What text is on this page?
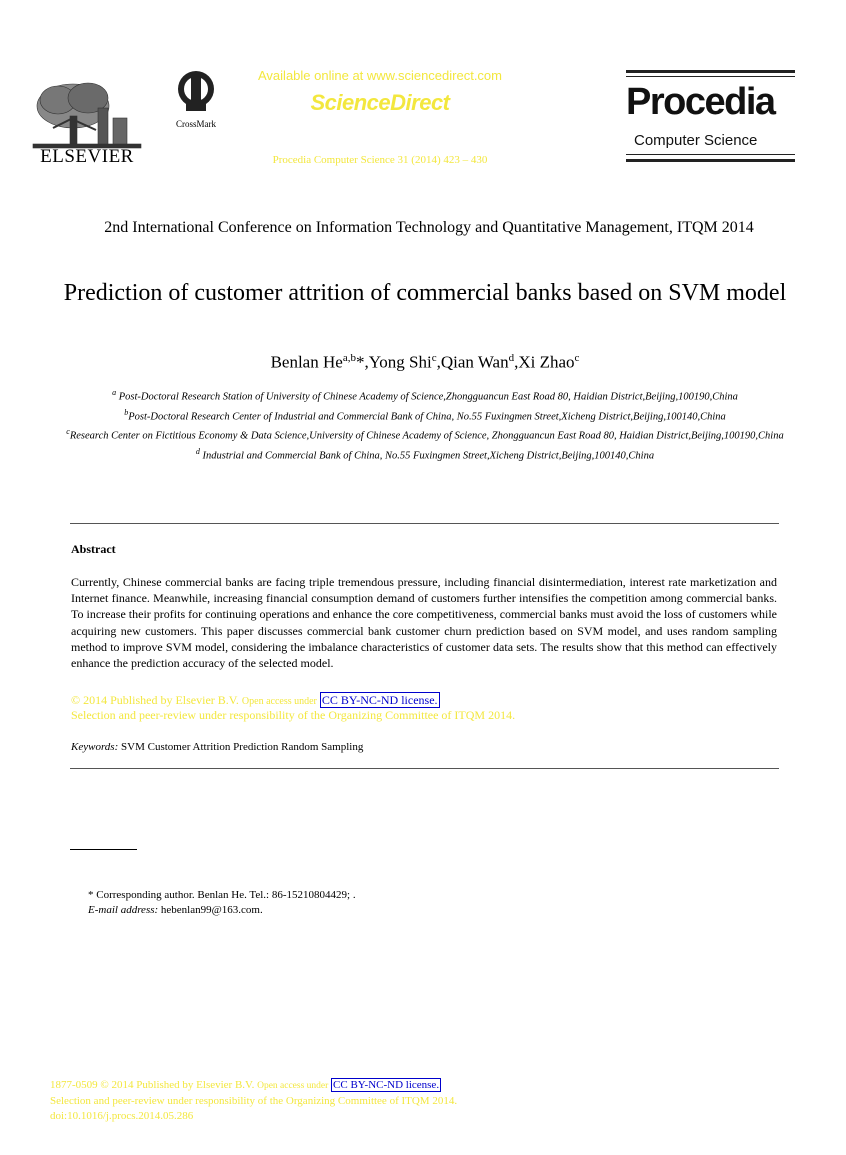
ELSEVIER
CrossMark
Available online at www.sciencedirect.com
ScienceDirect
Procedia Computer Science 31 (2014) 423 – 430
Procedia
Computer Science
2nd International Conference on Information Technology and Quantitative Management, ITQM 2014
Prediction of customer attrition of commercial banks based on SVM model
Benlan He$^{a,b}$*,Yong Shi$^c$,Qian Wan$^d$,Xi Zhao$^c$
$^a$ Post-Doctoral Research Station of University of Chinese Academy of Science,Zhongguancun East Road 80, Haidian District,Beijing,100190,China
$^b$Post-Doctoral Research Center of Industrial and Commercial Bank of China, No.55 Fuxingmen Street,Xicheng District,Beijing,100140,China
$^c$Research Center on Fictitious Economy & Data Science,University of Chinese Academy of Science, Zhongguancun East Road 80, Haidian District,Beijing,100190,China
$^d$ Industrial and Commercial Bank of China, No.55 Fuxingmen Street,Xicheng District,Beijing,100140,China
Abstract
Currently, Chinese commercial banks are facing triple tremendous pressure, including financial disintermediation, interest rate marketization and Internet finance. Meanwhile, increasing financial consumption demand of customers further intensifies the competition among commercial banks. To increase their profits for continuing operations and enhance the core competitiveness, commercial banks must avoid the loss of customers while acquiring new customers. This paper discusses commercial bank customer churn prediction based on SVM model, and uses random sampling method to improve SVM model, considering the imbalance characteristics of customer data sets. The results show that this method can effectively enhance the prediction accuracy of the selected model.
© 2014 Published by Elsevier B.V. Open access under CC BY-NC-ND license.
Selection and peer-review under responsibility of the Organizing Committee of ITQM 2014.
Keywords: SVM Customer Attrition Prediction Random Sampling
* Corresponding author. Benlan He. Tel.: 86-15210804429; .
E-mail address: hebenlan99@163.com.
1877-0509 © 2014 Published by Elsevier B.V. Open access under CC BY-NC-ND license.
Selection and peer-review under responsibility of the Organizing Committee of ITQM 2014.
doi:10.1016/j.procs.2014.05.286
